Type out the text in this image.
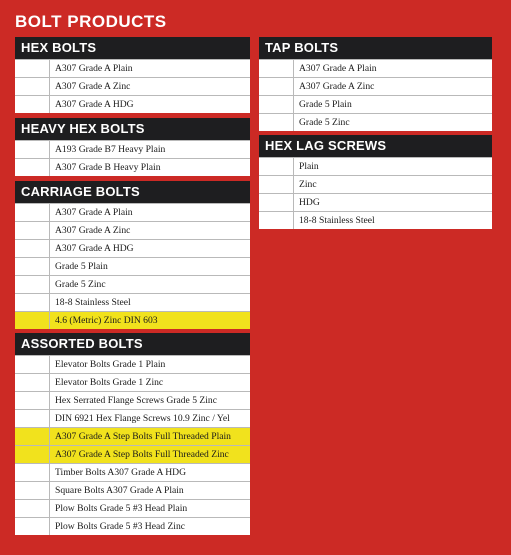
BOLT PRODUCTS
HEX BOLTS
A307 Grade A Plain
A307 Grade A Zinc
A307 Grade A HDG
HEAVY HEX BOLTS
A193 Grade B7 Heavy Plain
A307 Grade B Heavy Plain
CARRIAGE BOLTS
A307 Grade A Plain
A307 Grade A Zinc
A307 Grade A HDG
Grade 5 Plain
Grade 5 Zinc
18-8 Stainless Steel
4.6 (Metric) Zinc DIN 603
ASSORTED BOLTS
Elevator Bolts Grade 1 Plain
Elevator Bolts Grade 1 Zinc
Hex Serrated Flange Screws Grade 5 Zinc
DIN 6921 Hex Flange Screws 10.9 Zinc / Yel
A307 Grade A Step Bolts Full Threaded Plain
A307 Grade A Step Bolts Full Threaded Zinc
Timber Bolts A307 Grade A HDG
Square Bolts A307 Grade A Plain
Plow Bolts Grade 5 #3 Head Plain
Plow Bolts Grade 5 #3 Head Zinc
TAP BOLTS
A307 Grade A Plain
A307 Grade A Zinc
Grade 5 Plain
Grade 5 Zinc
HEX LAG SCREWS
Plain
Zinc
HDG
18-8 Stainless Steel
